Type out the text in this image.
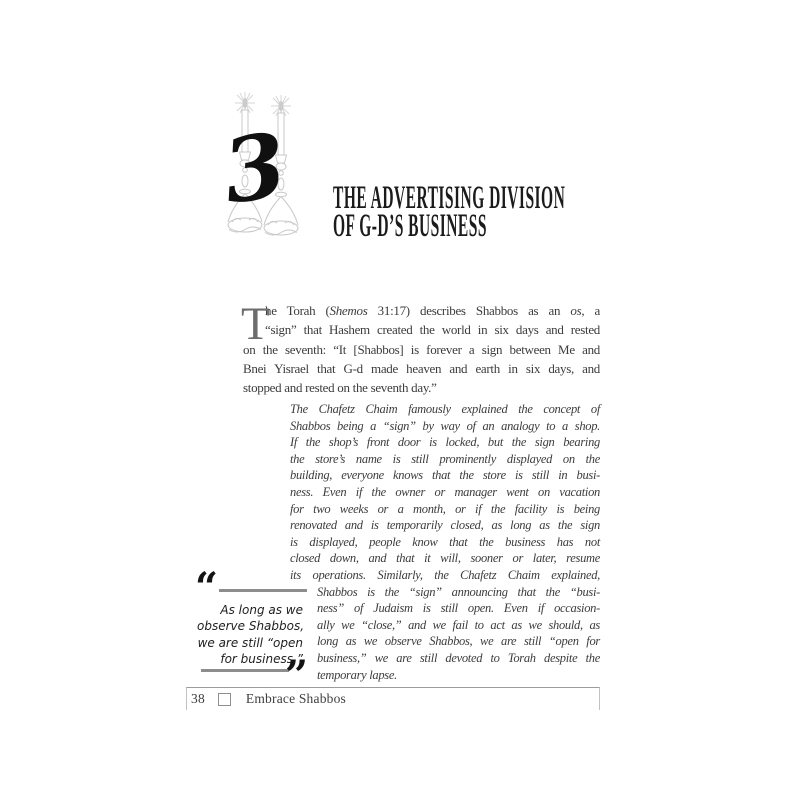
3 THE ADVERTISING DIVISION
OF G-D’S BUSINESS
T
he Torah (Shemos 31:17) describes Shabbos as an os, a
“sign” that Hashem created the world in six days and rested
on the seventh: “It [Shabbos] is forever a sign between Me and
Bnei Yisrael that G-d made heaven and earth in six days, and
stopped and rested on the seventh day.”
The Chafetz Chaim famously explained the concept of
Shabbos being a “sign” by way of an analogy to a shop.
If the shop’s front door is locked, but the sign bearing
the store’s name is still prominently displayed on the
building, everyone knows that the store is still in busi-
ness. Even if the owner or manager went on vacation
for two weeks or a month, or if the facility is being
renovated and is temporarily closed, as long as the sign
is displayed, people know that the business has not
closed down, and that it will, sooner or later, resume
its operations. Similarly, the Chafetz Chaim explained,
Shabbos is the “sign” announcing that the “busi-
ness” of Judaism is still open. Even if occasion-
ally we “close,” and we fail to act as we should, as
long as we observe Shabbos, we are still “open for
business,” we are still devoted to Torah despite the
temporary lapse.
“ As long as we
observe Shabbos,
we are still “open
for business.”
”
38	Embrace Shabbos
